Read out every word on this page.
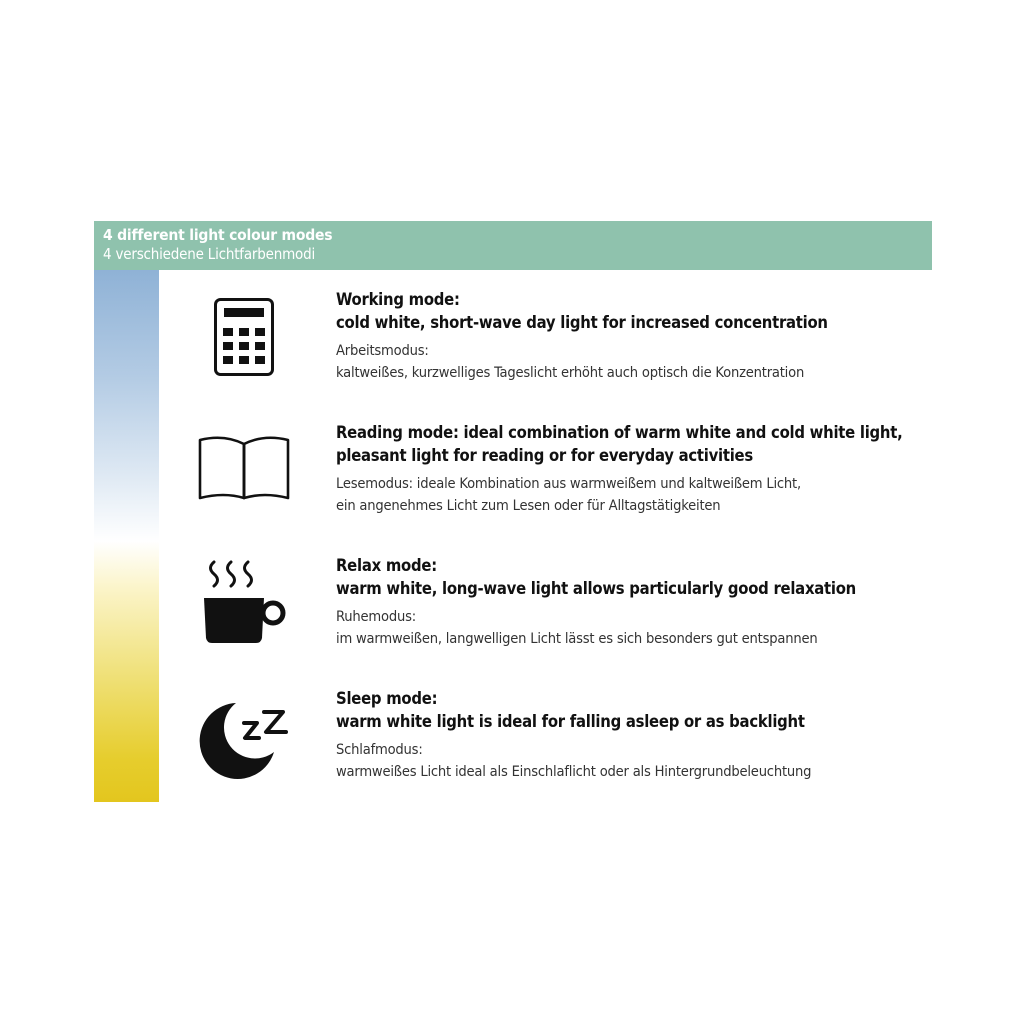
4 different light colour modes
4 verschiedene Lichtfarbenmodi
Working mode:
cold white, short-wave day light for increased concentration
Arbeitsmodus:
kaltweißes, kurzwelliges Tageslicht erhöht auch optisch die Konzentration
Reading mode: ideal combination of warm white and cold white light,
pleasant light for reading or for everyday activities
Lesemodus: ideale Kombination aus warmweißem und kaltweißem Licht,
ein angenehmes Licht zum Lesen oder für Alltagstätigkeiten
Relax mode:
warm white, long-wave light allows particularly good relaxation
Ruhemodus:
im warmweißen, langwelligen Licht lässt es sich besonders gut entspannen
Sleep mode:
warm white light is ideal for falling asleep or as backlight
Schlafmodus:
warmweißes Licht ideal als Einschlaflicht oder als Hintergrundbeleuchtung
